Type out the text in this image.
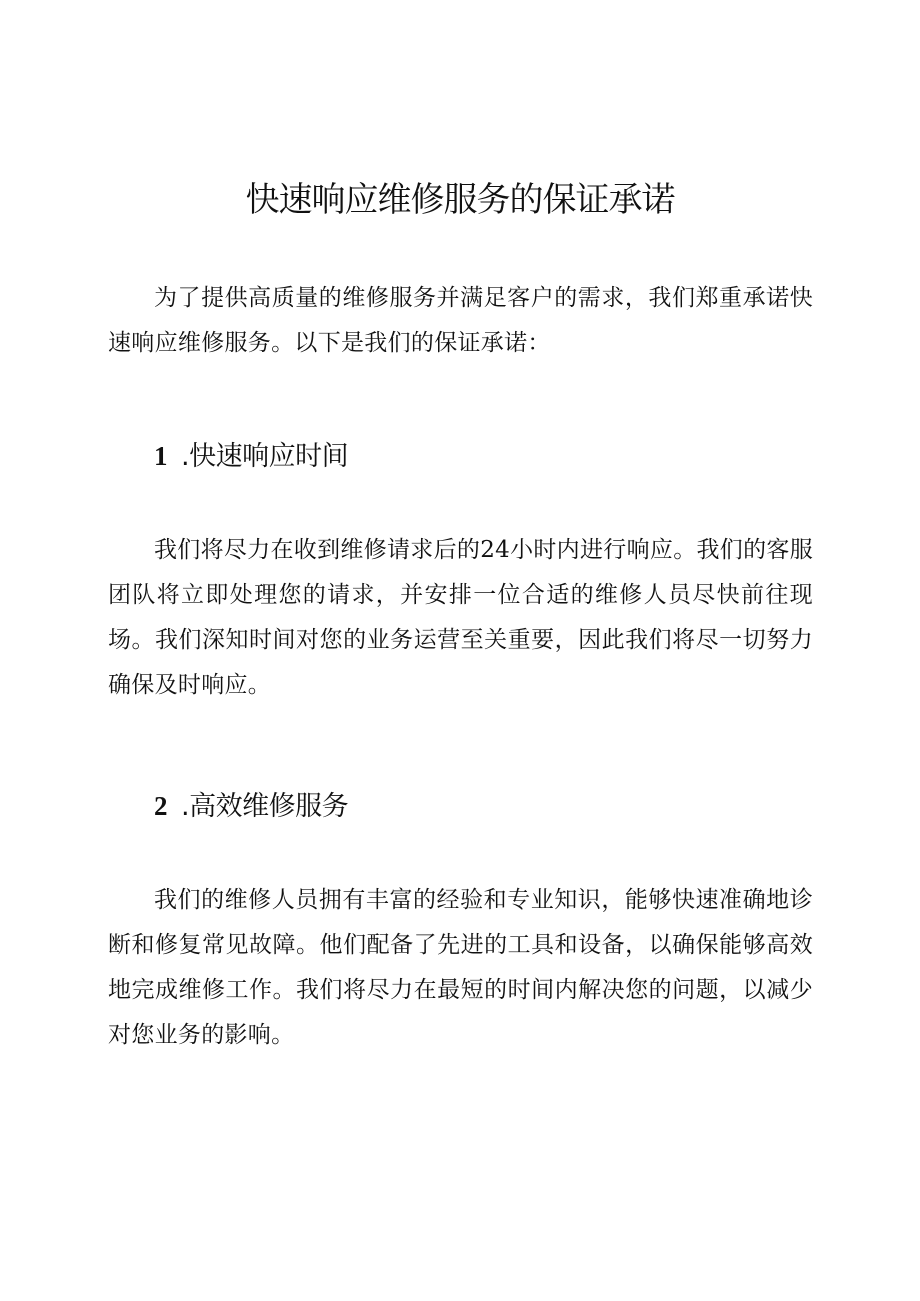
快速响应维修服务的保证承诺

为了提供高质量的维修服务并满足客户的需求，我们郑重承诺快速响应维修服务。以下是我们的保证承诺：

1 .快速响应时间

我们将尽力在收到维修请求后的24小时内进行响应。我们的客服团队将立即处理您的请求，并安排一位合适的维修人员尽快前往现场。我们深知时间对您的业务运营至关重要，因此我们将尽一切努力确保及时响应。

2 .高效维修服务

我们的维修人员拥有丰富的经验和专业知识，能够快速准确地诊断和修复常见故障。他们配备了先进的工具和设备，以确保能够高效地完成维修工作。我们将尽力在最短的时间内解决您的问题，以减少对您业务的影响。
